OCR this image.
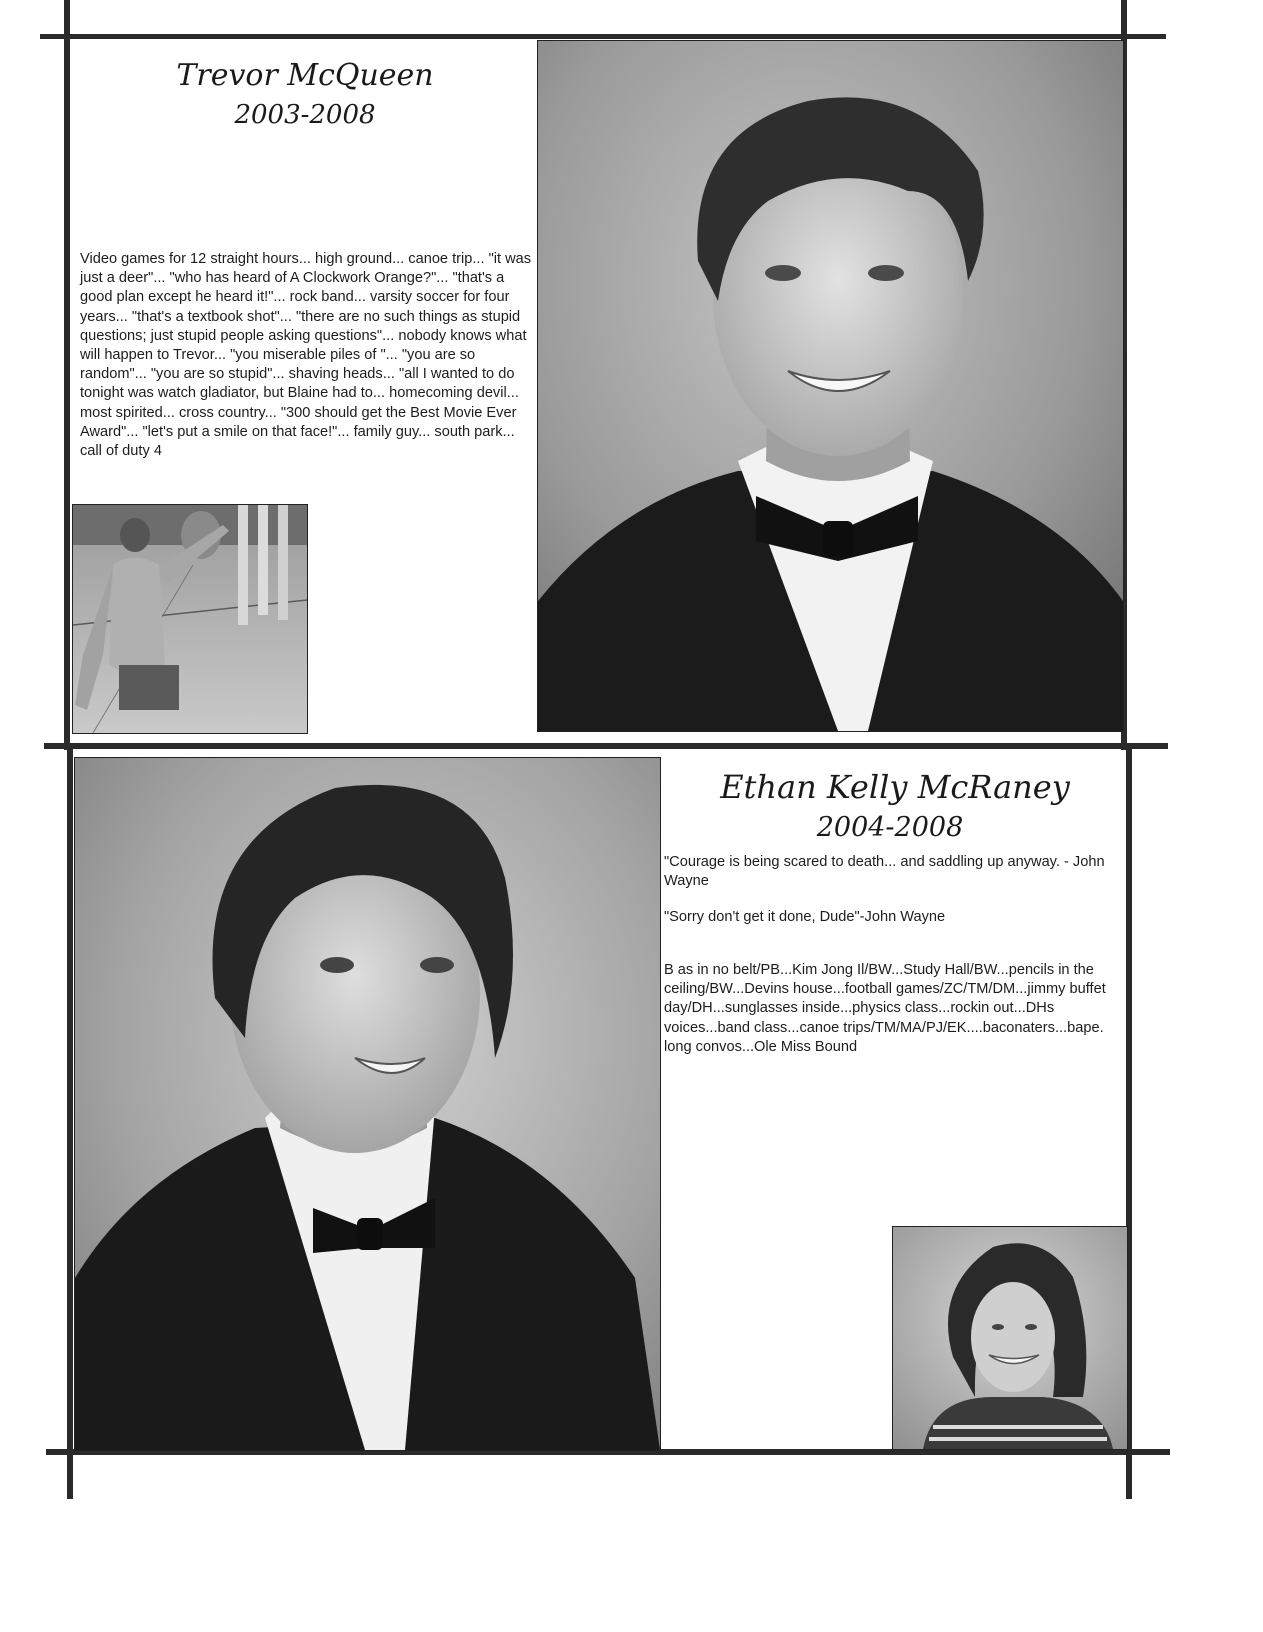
Trevor McQueen
2003-2008

Video games for 12 straight hours... high ground... canoe trip... "it was just a deer"... "who has heard of A Clockwork Orange?"... "that's a good plan except he heard it!"... rock band... varsity soccer for four years... "that's a textbook shot"... "there are no such things as stupid questions; just stupid people asking questions"... nobody knows what will happen to Trevor... "you miserable piles of "... "you are so random"... "you are so stupid"... shaving heads... "all I wanted to do tonight was watch gladiator, but Blaine had to... homecoming devil... most spirited... cross country... "300 should get the Best Movie Ever Award"... "let's put a smile on that face!"... family guy... south park... call of duty 4

Ethan Kelly McRaney
2004-2008

"Courage is being scared to death... and saddling up anyway. - John Wayne

"Sorry don't get it done, Dude"-John Wayne

B as in no belt/PB...Kim Jong Il/BW...Study Hall/BW...pencils in the ceiling/BW...Devins house...football games/ZC/TM/DM...jimmy buffet day/DH...sunglasses inside...physics class...rockin out...DHs voices...band class...canoe trips/TM/MA/PJ/EK....baconaters...bape. long convos...Ole Miss Bound
